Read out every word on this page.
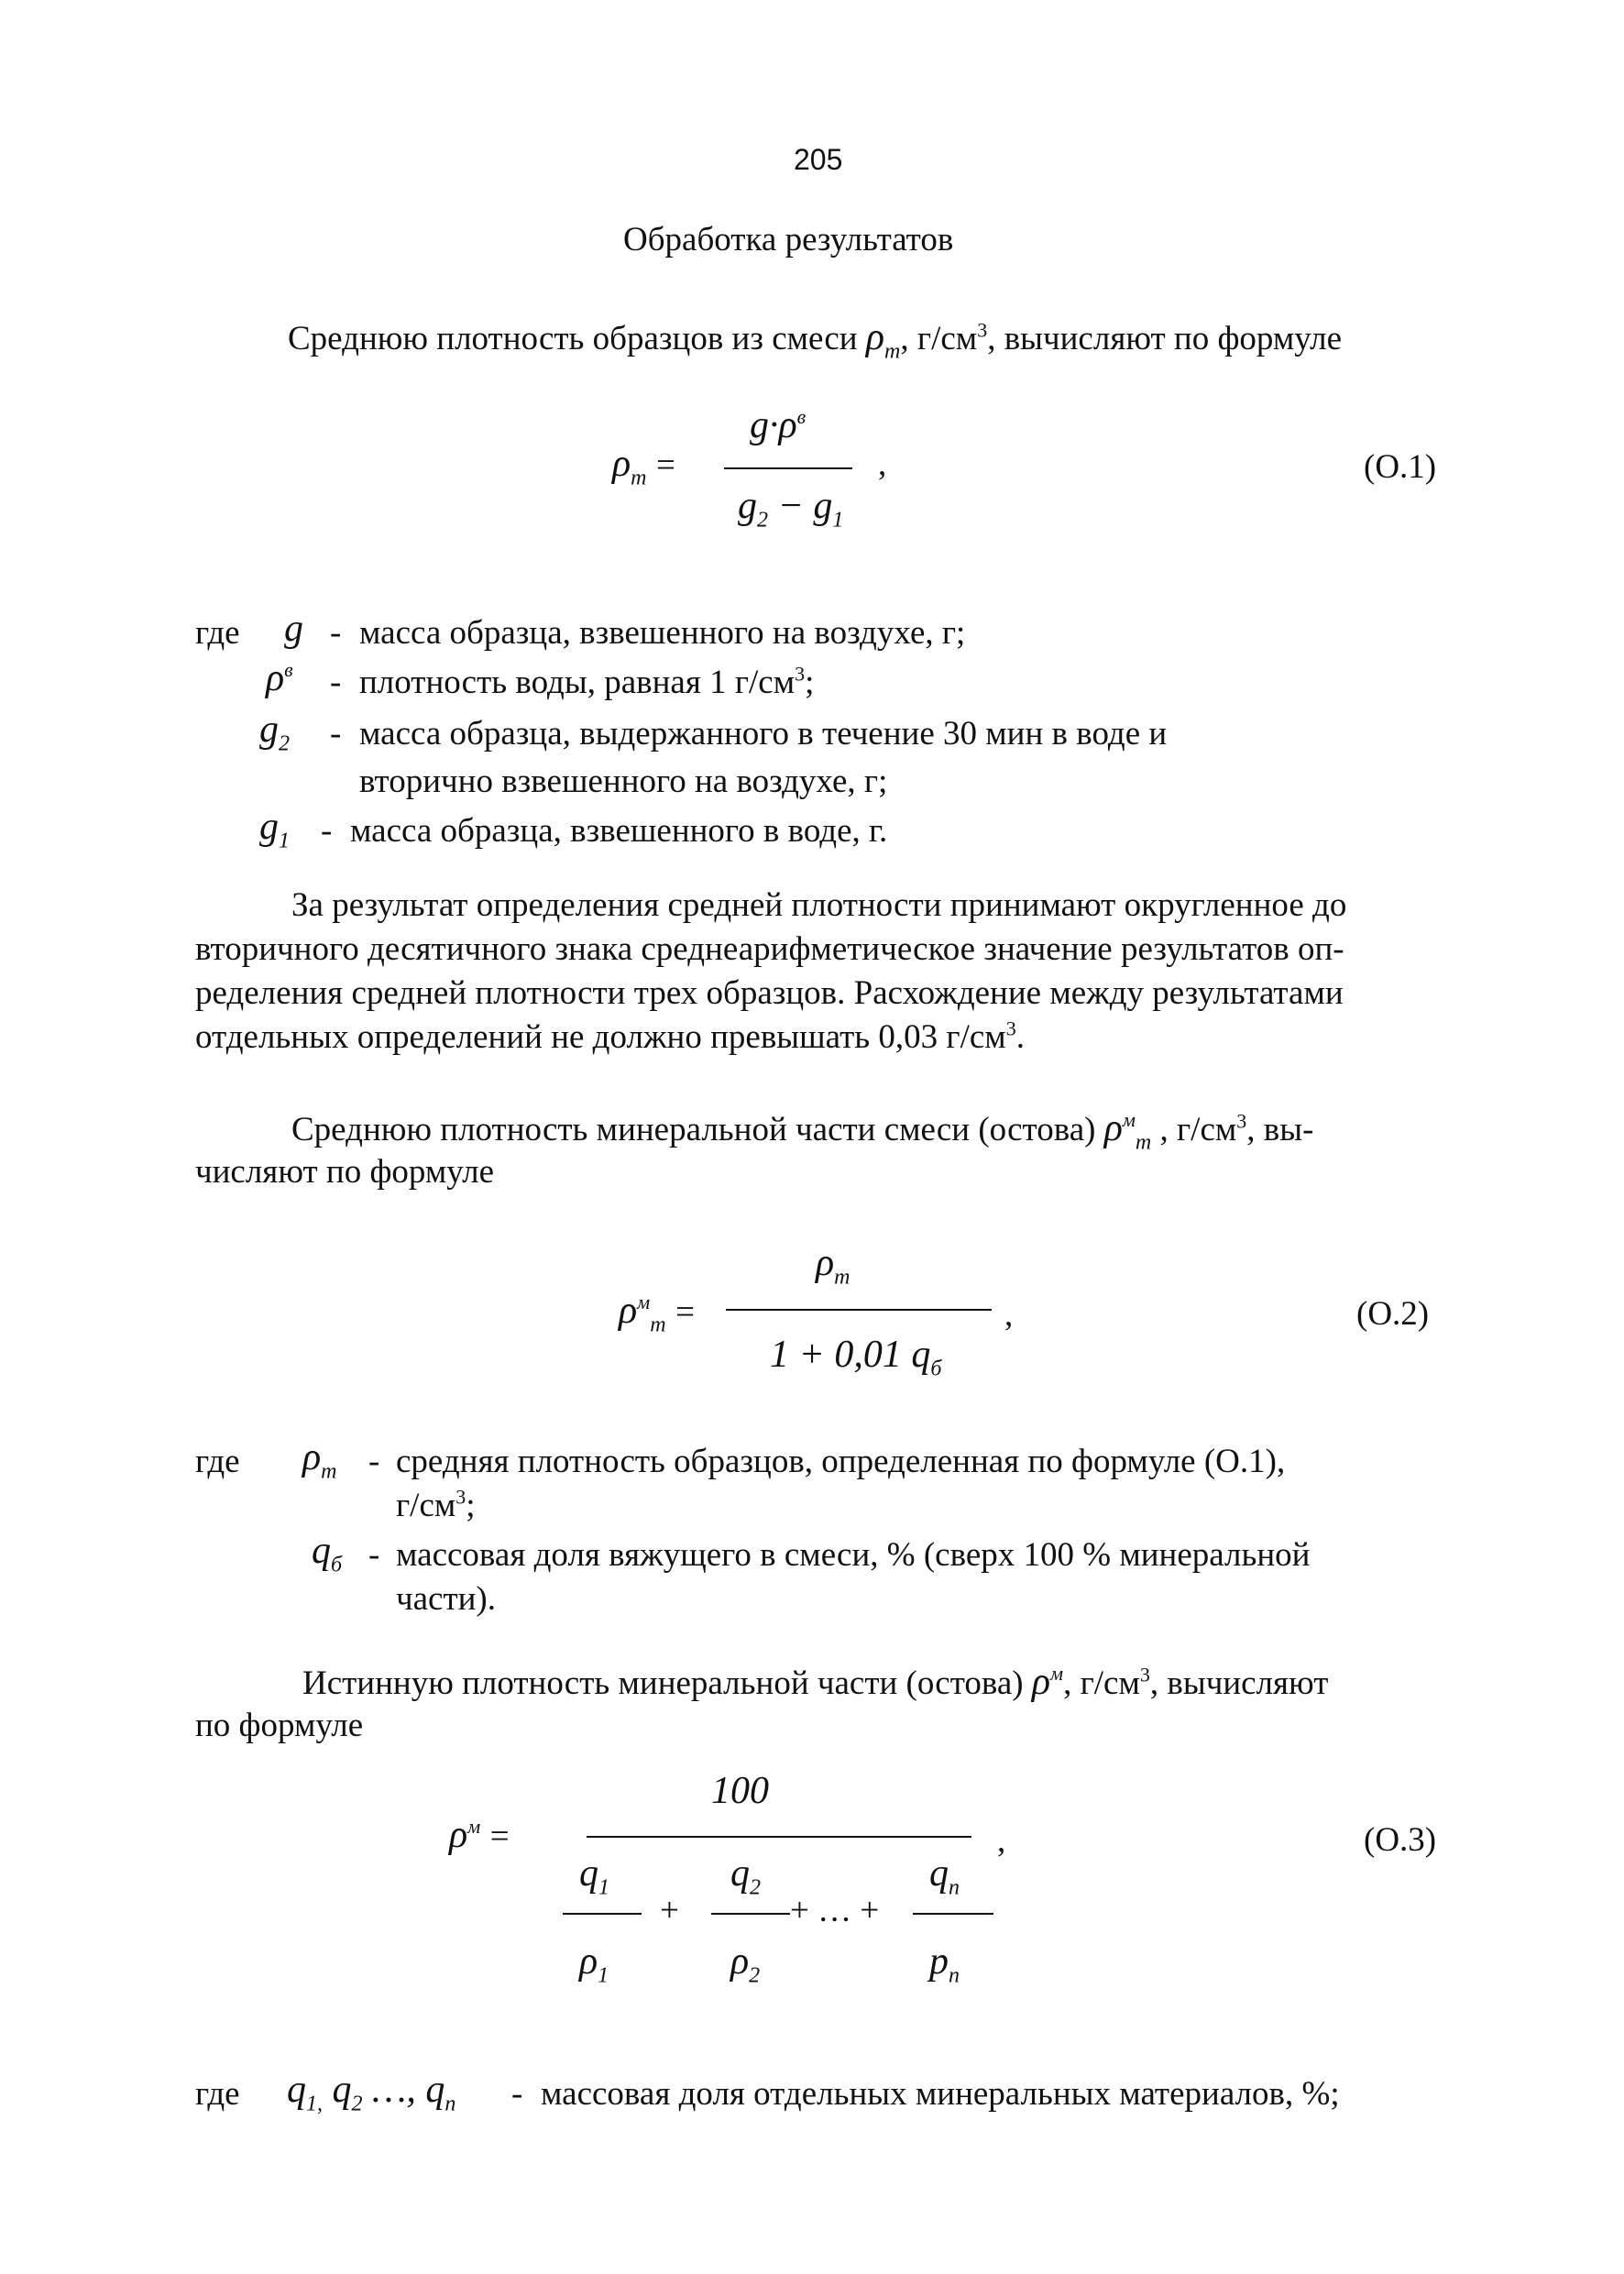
205
Обработка результатов
Среднюю плотность образцов из смеси $\rho_m$, $г/см^3$, вычисляют по формуле
$\rho_m$ =
$g\cdot\rho^в$
$g_2 - g_1$
,	(О.1)
где g - масса образца, взвешенного на воздухе, г;
$\rho^в$ - плотность воды, равная 1 $г/см^3$;
$g_2$ - масса образца, выдержанного в течение 30 мин в воде и
вторично взвешенного на воздухе, г;
$g_1$ - масса образца, взвешенного в воде, г.
За результат определения средней плотности принимают округленное до
вторичного десятичного знака среднеарифметическое значение результатов оп-
ределения средней плотности трех образцов. Расхождение между результатами
отдельных определений не должно превышать 0,03 $г/см^3$.
Среднюю плотность минеральной части смеси (остова) $\rho^м_m$ , $г/см^3$, вы-
числяют по формуле
$\rho^м_m$ =
$\rho_m$
1 + 0,01 $q_б$
,	(О.2)
где $\rho_m$ - средняя плотность образцов, определенная по формуле (О.1),
$г/см^3$;
$q_б$ - массовая доля вяжущего в смеси, % (сверх 100 % минеральной
части).
Истинную плотность минеральной части (остова) $\rho^м$, $г/см^3$, вычисляют
по формуле
$\rho^м$ =
100
,
$q_1$
$\rho_1$
+
$q_2$
$\rho_2$
+ … +
$q_n$
$p_n$
(О.3)
где $q_{1,}$ $q_2$ …, $q_n$ - массовая доля отдельных минеральных материалов, %;
